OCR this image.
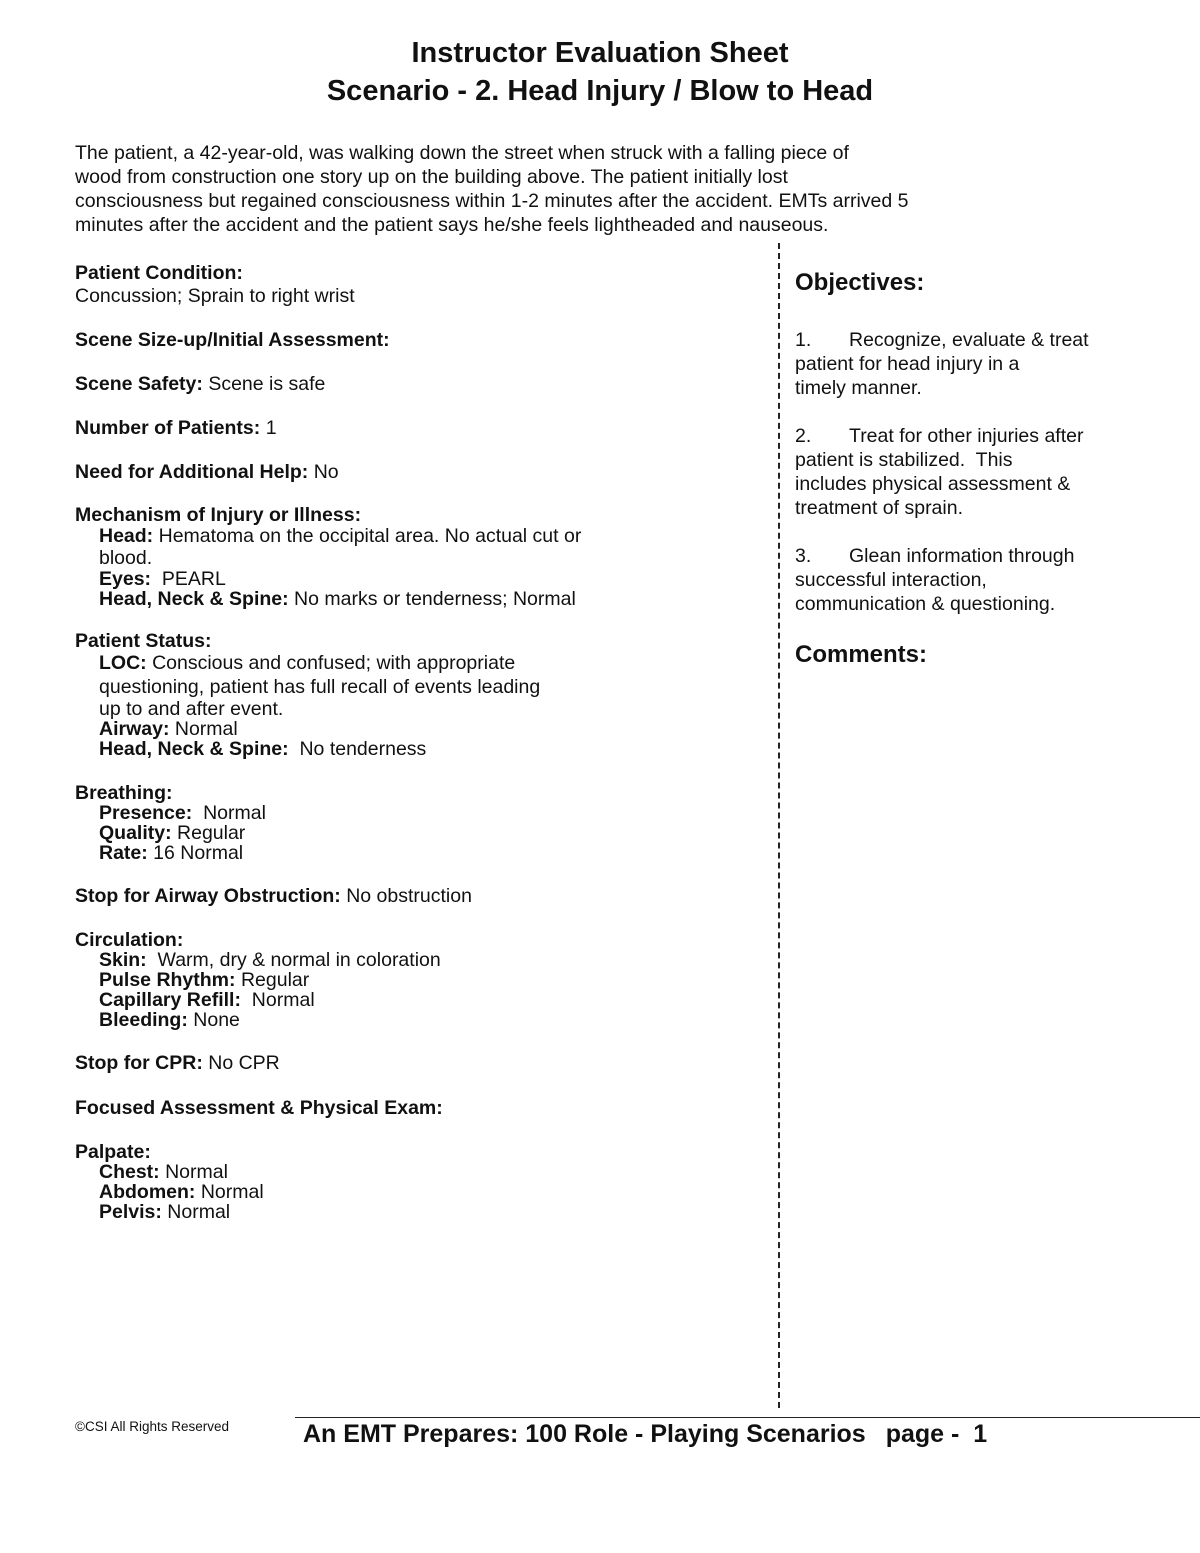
Instructor Evaluation Sheet
Scenario - 2. Head Injury / Blow to Head
The patient, a 42-year-old, was walking down the street when struck with a falling piece of
wood from construction one story up on the building above. The patient initially lost
consciousness but regained consciousness within 1-2 minutes after the accident. EMTs arrived 5
minutes after the accident and the patient says he/she feels lightheaded and nauseous.
Patient Condition:
Concussion; Sprain to right wrist
Scene Size-up/Initial Assessment:
Scene Safety: Scene is safe
Number of Patients: 1
Need for Additional Help: No
Mechanism of Injury or Illness:
Head: Hematoma on the occipital area. No actual cut or
blood.
Eyes:  PEARL
Head, Neck & Spine: No marks or tenderness; Normal
Patient Status:
LOC: Conscious and confused; with appropriate
questioning, patient has full recall of events leading
up to and after event.
Airway: Normal
Head, Neck & Spine:  No tenderness
Breathing:
Presence:  Normal
Quality: Regular
Rate: 16 Normal
Stop for Airway Obstruction: No obstruction
Circulation:
Skin:  Warm, dry & normal in coloration
Pulse Rhythm: Regular
Capillary Refill:  Normal
Bleeding: None
Stop for CPR: No CPR
Focused Assessment & Physical Exam:
Palpate:
Chest: Normal
Abdomen: Normal
Pelvis: Normal
Objectives:
1. Recognize, evaluate & treat
patient for head injury in a
timely manner.
2. Treat for other injuries after
patient is stabilized.  This
includes physical assessment &
treatment of sprain.
3. Glean information through
successful interaction,
communication & questioning.
Comments:
©CSI All Rights Reserved	An EMT Prepares: 100 Role - Playing Scenarios page -  1
